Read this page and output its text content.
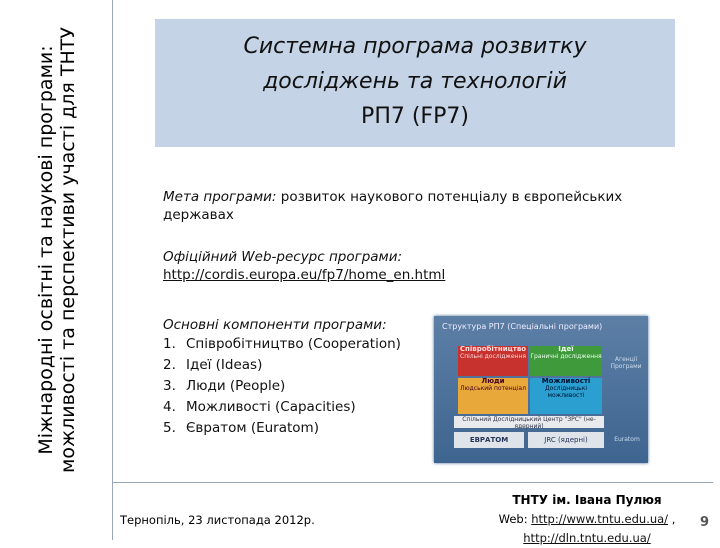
Міжнародні освітні та наукові програми: можливості та перспективи участі для ТНТУ	Системна програма розвитку
досліджень та технологій
РП7 (FP7)
Мета програми: розвиток наукового потенціалу в європейських
державах
Офіційний Web-ресурс програми:
http://cordis.europa.eu/fp7/home_en.html
Основні компоненти програми:
1. Співробітництво (Cooperation)
2. Ідеї (Ideas)
3. Люди (People)
4. Можливості (Capacities)
5. Євратом (Euratom)
Структура РП7 (Спеціальні програми)
Співробітництво
Спільні дослідження
Ідеї
Граничні дослідження
Люди
Людський потенціал
Можливості
Дослідницькі можливості
Агенції Програми
Спільний Дослідницький Центр "ЗРС" (не-ядерний)
ЕВРАТОМ	JRC (ядерні)	Euratom
Тернопіль, 23 листопада 2012р.
ТНТУ ім. Івана Пулюя
Web: http://www.tntu.edu.ua/ ,
http://dln.tntu.edu.ua/
9
